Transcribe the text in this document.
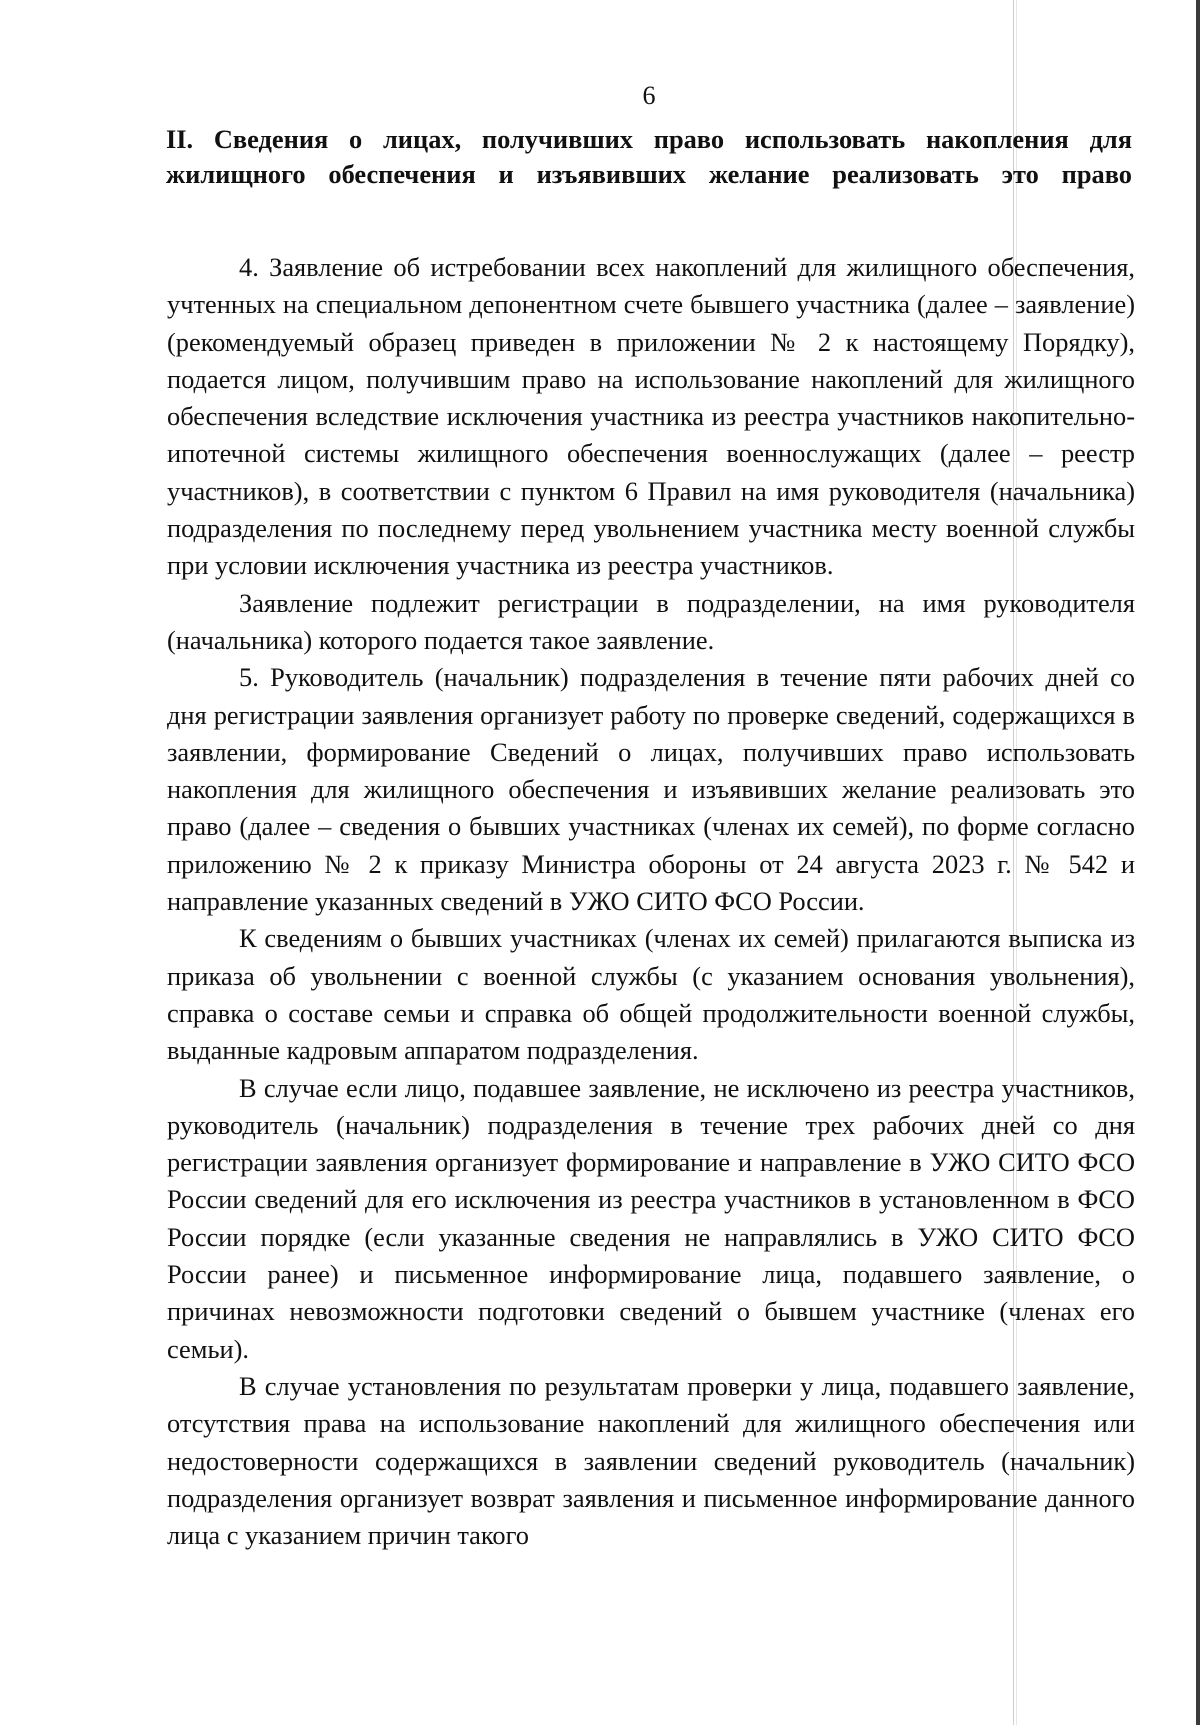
6
II. Сведения о лицах, получивших право использовать накопления для жилищного обеспечения и изъявивших желание реализовать это право

4. Заявление об истребовании всех накоплений для жилищного обеспечения, учтенных на специальном депонентном счете бывшего участника (далее – заявление) (рекомендуемый образец приведен в приложении № 2 к настоящему Порядку), подается лицом, получившим право на использование накоплений для жилищного обеспечения вследствие исключения участника из реестра участников накопительно-ипотечной системы жилищного обеспечения военнослужащих (далее – реестр участников), в соответствии с пунктом 6 Правил на имя руководителя (начальника) подразделения по последнему перед увольнением участника месту военной службы при условии исключения участника из реестра участников.

Заявление подлежит регистрации в подразделении, на имя руководителя (начальника) которого подается такое заявление.

5. Руководитель (начальник) подразделения в течение пяти рабочих дней со дня регистрации заявления организует работу по проверке сведений, содержащихся в заявлении, формирование Сведений о лицах, получивших право использовать накопления для жилищного обеспечения и изъявивших желание реализовать это право (далее – сведения о бывших участниках (членах их семей), по форме согласно приложению № 2 к приказу Министра обороны от 24 августа 2023 г. № 542 и направление указанных сведений в УЖО СИТО ФСО России.

К сведениям о бывших участниках (членах их семей) прилагаются выписка из приказа об увольнении с военной службы (с указанием основания увольнения), справка о составе семьи и справка об общей продолжительности военной службы, выданные кадровым аппаратом подразделения.

В случае если лицо, подавшее заявление, не исключено из реестра участников, руководитель (начальник) подразделения в течение трех рабочих дней со дня регистрации заявления организует формирование и направление в УЖО СИТО ФСО России сведений для его исключения из реестра участников в установленном в ФСО России порядке (если указанные сведения не направлялись в УЖО СИТО ФСО России ранее) и письменное информирование лица, подавшего заявление, о причинах невозможности подготовки сведений о бывшем участнике (членах его семьи).

В случае установления по результатам проверки у лица, подавшего заявление, отсутствия права на использование накоплений для жилищного обеспечения или недостоверности содержащихся в заявлении сведений руководитель (начальник) подразделения организует возврат заявления и письменное информирование данного лица с указанием причин такого
